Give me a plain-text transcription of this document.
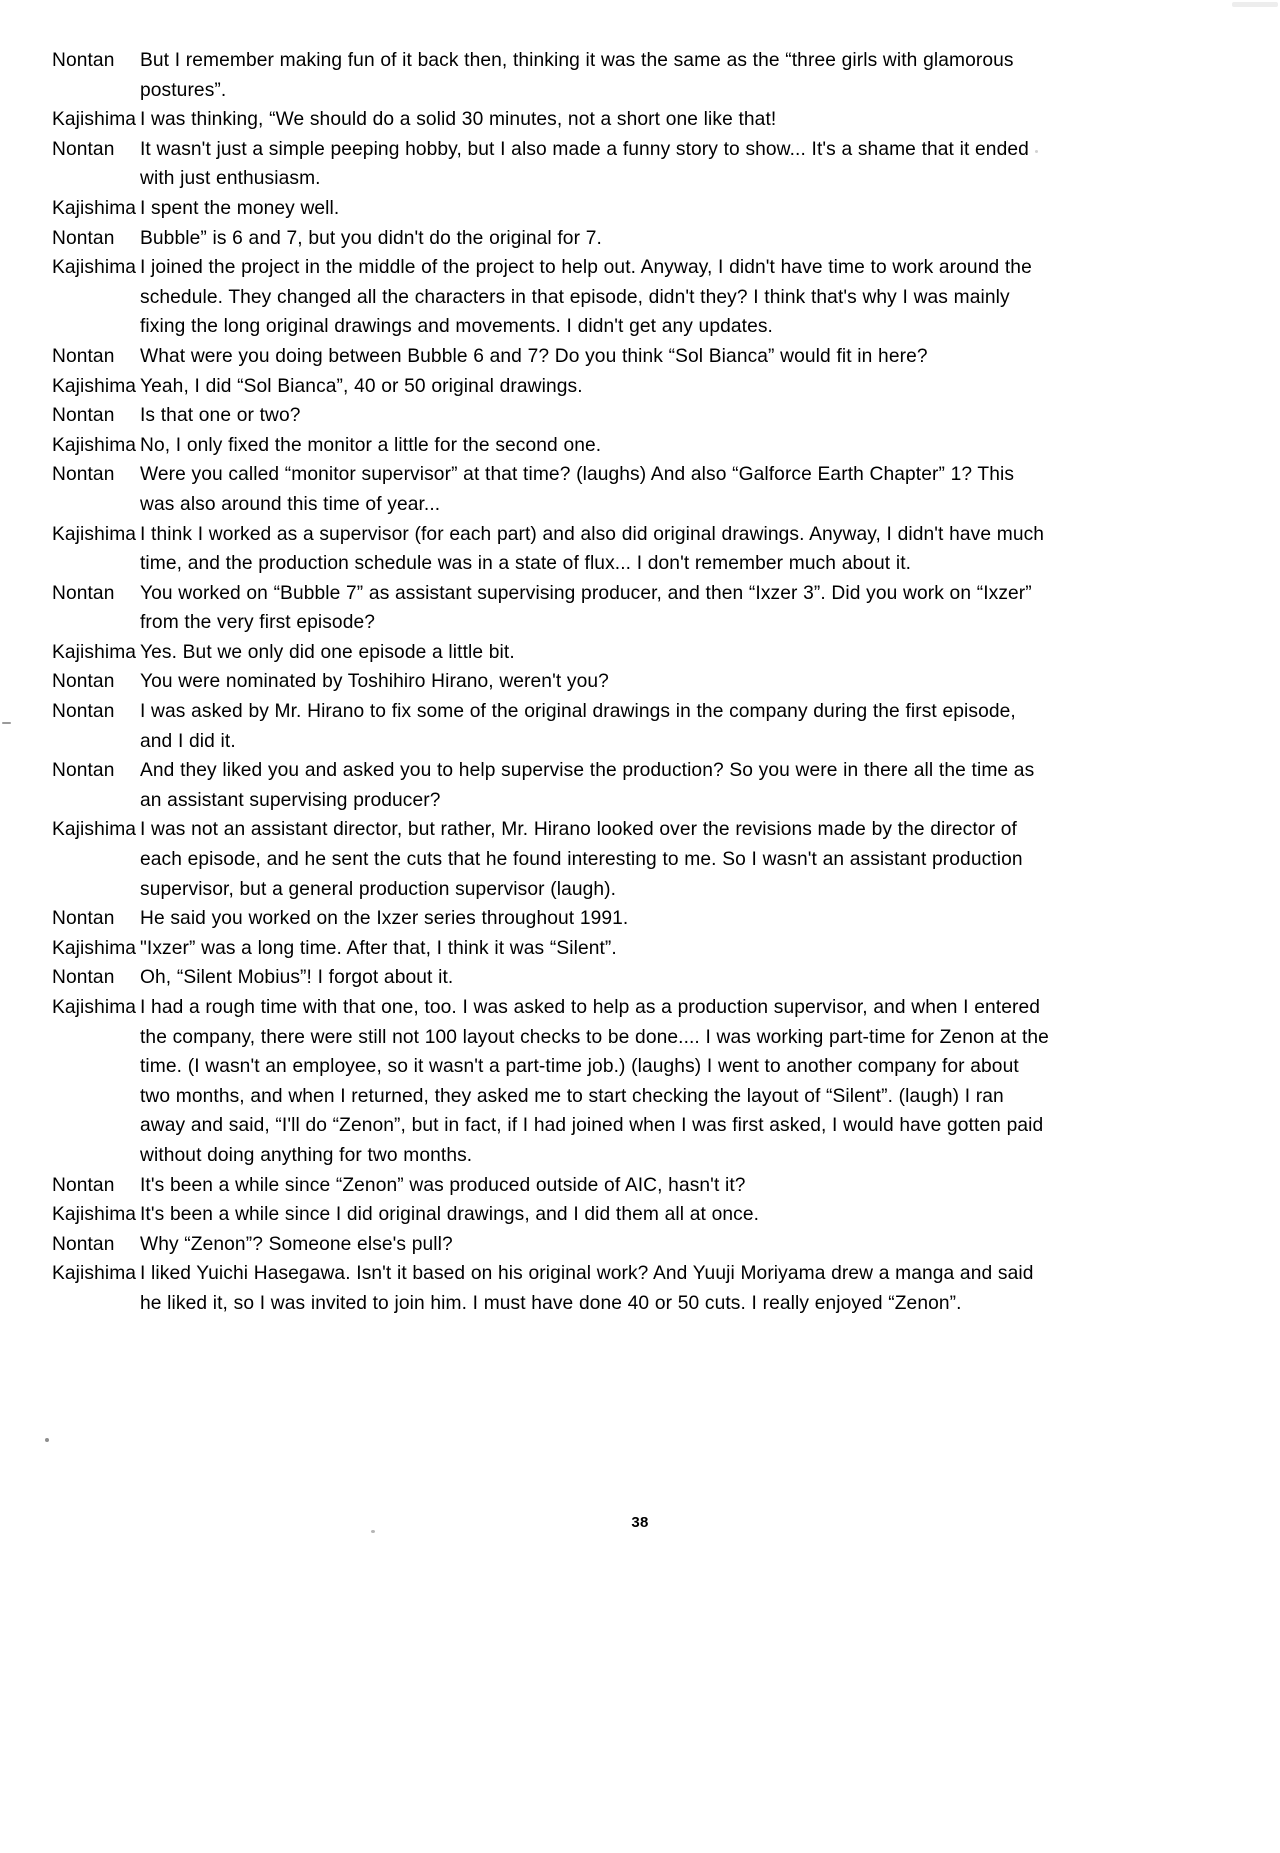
Nontan	But I remember making fun of it back then, thinking it was the same as the “three girls with glamorous postures”.
Kajishima I was thinking, “We should do a solid 30 minutes, not a short one like that!
Nontan	It wasn't just a simple peeping hobby, but I also made a funny story to show... It's a shame that it ended with just enthusiasm.
Kajishima I spent the money well.
Nontan	Bubble” is 6 and 7, but you didn't do the original for 7.
Kajishima I joined the project in the middle of the project to help out. Anyway, I didn't have time to work around the schedule. They changed all the characters in that episode, didn't they? I think that's why I was mainly fixing the long original drawings and movements. I didn't get any updates.
Nontan	What were you doing between Bubble 6 and 7? Do you think “Sol Bianca” would fit in here?
Kajishima Yeah, I did “Sol Bianca”, 40 or 50 original drawings.
Nontan	Is that one or two?
Kajishima No, I only fixed the monitor a little for the second one.
Nontan	Were you called “monitor supervisor” at that time? (laughs) And also “Galforce Earth Chapter” 1? This was also around this time of year...
Kajishima I think I worked as a supervisor (for each part) and also did original drawings. Anyway, I didn't have much time, and the production schedule was in a state of flux... I don't remember much about it.
Nontan	You worked on “Bubble 7” as assistant supervising producer, and then “Ixzer 3”. Did you work on “Ixzer” from the very first episode?
Kajishima Yes. But we only did one episode a little bit.
Nontan	You were nominated by Toshihiro Hirano, weren't you?
Nontan	I was asked by Mr. Hirano to fix some of the original drawings in the company during the first episode, and I did it.
Nontan	And they liked you and asked you to help supervise the production? So you were in there all the time as an assistant supervising producer?
Kajishima I was not an assistant director, but rather, Mr. Hirano looked over the revisions made by the director of each episode, and he sent the cuts that he found interesting to me. So I wasn't an assistant production supervisor, but a general production supervisor (laugh).
Nontan	He said you worked on the Ixzer series throughout 1991.
Kajishima "Ixzer” was a long time. After that, I think it was “Silent”.
Nontan	Oh, “Silent Mobius”! I forgot about it.
Kajishima I had a rough time with that one, too. I was asked to help as a production supervisor, and when I entered the company, there were still not 100 layout checks to be done.... I was working part-time for Zenon at the time. (I wasn't an employee, so it wasn't a part-time job.) (laughs) I went to another company for about two months, and when I returned, they asked me to start checking the layout of “Silent”. (laugh) I ran away and said, “I'll do “Zenon”, but in fact, if I had joined when I was first asked, I would have gotten paid without doing anything for two months.
Nontan	It's been a while since “Zenon” was produced outside of AIC, hasn't it?
Kajishima It's been a while since I did original drawings, and I did them all at once.
Nontan	Why “Zenon”? Someone else's pull?
Kajishima I liked Yuichi Hasegawa. Isn't it based on his original work? And Yuuji Moriyama drew a manga and said he liked it, so I was invited to join him. I must have done 40 or 50 cuts. I really enjoyed “Zenon”.
38
